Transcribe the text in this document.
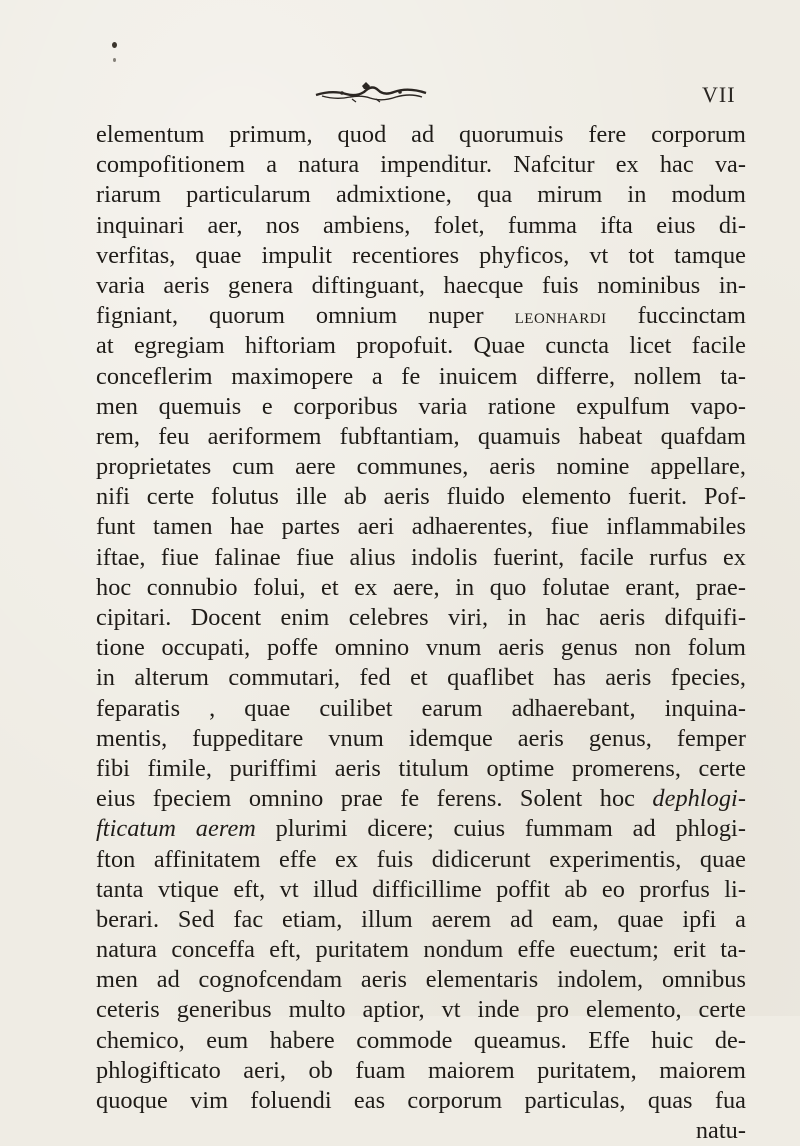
VII
elementum primum, quod ad quorumuis fere corporum
compofitionem a natura impenditur. Nafcitur ex hac va-
riarum particularum admixtione, qua mirum in modum
inquinari aer, nos ambiens, folet, fumma ifta eius di-
verfitas, quae impulit recentiores phyficos, vt tot tamque
varia aeris genera diftinguant, haecque fuis nominibus in-
figniant, quorum omnium nuper leonhardi fuccinctam
at egregiam hiftoriam propofuit. Quae cuncta licet facile
conceflerim maximopere a fe inuicem differre, nollem ta-
men quemuis e corporibus varia ratione expulfum vapo-
rem, feu aeriformem fubftantiam, quamuis habeat quafdam
proprietates cum aere communes, aeris nomine appellare,
nifi certe folutus ille ab aeris fluido elemento fuerit. Pof-
funt tamen hae partes aeri adhaerentes, fiue inflammabiles
iftae, fiue falinae fiue alius indolis fuerint, facile rurfus ex
hoc connubio folui, et ex aere, in quo folutae erant, prae-
cipitari. Docent enim celebres viri, in hac aeris difquifi-
tione occupati, poffe omnino vnum aeris genus non folum
in alterum commutari, fed et quaflibet has aeris fpecies,
feparatis , quae cuilibet earum adhaerebant, inquina-
mentis, fuppeditare vnum idemque aeris genus, femper
fibi fimile, puriffimi aeris titulum optime promerens, certe
eius fpeciem omnino prae fe ferens. Solent hoc dephlogi-
fticatum aerem plurimi dicere; cuius fummam ad phlogi-
fton affinitatem effe ex fuis didicerunt experimentis, quae
tanta vtique eft, vt illud difficillime poffit ab eo prorfus li-
berari. Sed fac etiam, illum aerem ad eam, quae ipfi a
natura conceffa eft, puritatem nondum effe euectum; erit ta-
men ad cognofcendam aeris elementaris indolem, omnibus
ceteris generibus multo aptior, vt inde pro elemento, certe
chemico, eum habere commode queamus. Effe huic de-
phlogifticato aeri, ob fuam maiorem puritatem, maiorem
quoque vim foluendi eas corporum particulas, quas fua
natu-
